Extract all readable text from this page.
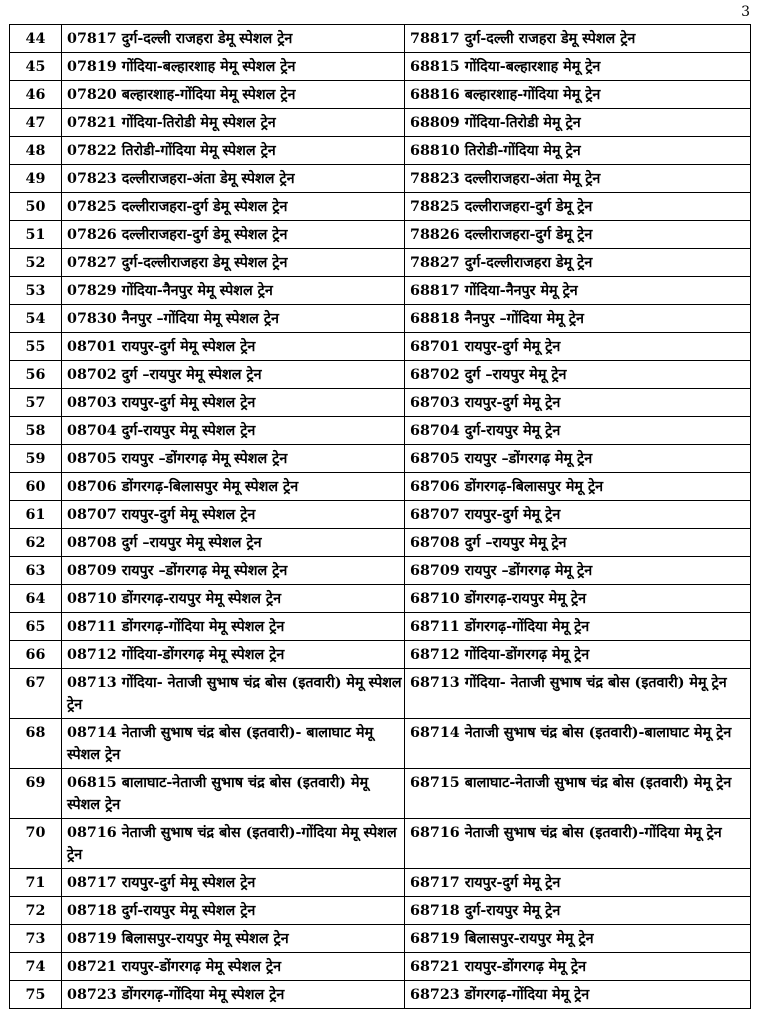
3
44	07817 दुर्ग-दल्ली राजहरा डेमू स्पेशल ट्रेन	78817 दुर्ग-दल्ली राजहरा डेमू स्पेशल ट्रेन
45	07819 गोंदिया-बल्हारशाह मेमू स्पेशल ट्रेन	68815 गोंदिया-बल्हारशाह मेमू ट्रेन
46	07820 बल्हारशाह-गोंदिया मेमू स्पेशल ट्रेन	68816 बल्हारशाह-गोंदिया मेमू ट्रेन
47	07821 गोंदिया-तिरोडी मेमू स्पेशल ट्रेन	68809 गोंदिया-तिरोडी मेमू ट्रेन
48	07822 तिरोडी-गोंदिया मेमू स्पेशल ट्रेन	68810 तिरोडी-गोंदिया मेमू ट्रेन
49	07823 दल्लीराजहरा-अंता डेमू स्पेशल ट्रेन	78823 दल्लीराजहरा-अंता मेमू ट्रेन
50	07825 दल्लीराजहरा-दुर्ग डेमू स्पेशल ट्रेन	78825 दल्लीराजहरा-दुर्ग डेमू ट्रेन
51	07826 दल्लीराजहरा-दुर्ग डेमू स्पेशल ट्रेन	78826 दल्लीराजहरा-दुर्ग डेमू ट्रेन
52	07827 दुर्ग-दल्लीराजहरा डेमू स्पेशल ट्रेन	78827 दुर्ग-दल्लीराजहरा डेमू ट्रेन
53	07829 गोंदिया-नैनपुर मेमू स्पेशल ट्रेन	68817 गोंदिया-नैनपुर मेमू ट्रेन
54	07830 नैनपुर –गोंदिया मेमू स्पेशल ट्रेन	68818 नैनपुर –गोंदिया मेमू ट्रेन
55	08701 रायपुर-दुर्ग मेमू स्पेशल ट्रेन	68701 रायपुर-दुर्ग मेमू ट्रेन
56	08702 दुर्ग –रायपुर मेमू स्पेशल ट्रेन	68702 दुर्ग –रायपुर मेमू ट्रेन
57	08703 रायपुर-दुर्ग मेमू स्पेशल ट्रेन	68703 रायपुर-दुर्ग मेमू ट्रेन
58	08704 दुर्ग-रायपुर मेमू स्पेशल ट्रेन	68704 दुर्ग-रायपुर मेमू ट्रेन
59	08705 रायपुर –डोंगरगढ़ मेमू स्पेशल ट्रेन	68705 रायपुर –डोंगरगढ़ मेमू ट्रेन
60	08706 डोंगरगढ़-बिलासपुर मेमू स्पेशल ट्रेन	68706 डोंगरगढ़-बिलासपुर मेमू ट्रेन
61	08707 रायपुर-दुर्ग मेमू स्पेशल ट्रेन	68707 रायपुर-दुर्ग मेमू ट्रेन
62	08708 दुर्ग –रायपुर मेमू स्पेशल ट्रेन	68708 दुर्ग –रायपुर मेमू ट्रेन
63	08709 रायपुर –डोंगरगढ़ मेमू स्पेशल ट्रेन	68709 रायपुर –डोंगरगढ़ मेमू ट्रेन
64	08710 डोंगरगढ़-रायपुर मेमू स्पेशल ट्रेन	68710 डोंगरगढ़-रायपुर मेमू ट्रेन
65	08711 डोंगरगढ़-गोंदिया मेमू स्पेशल ट्रेन	68711 डोंगरगढ़-गोंदिया मेमू ट्रेन
66	08712 गोंदिया-डोंगरगढ़ मेमू स्पेशल ट्रेन	68712 गोंदिया-डोंगरगढ़ मेमू ट्रेन
67	08713 गोंदिया- नेताजी सुभाष चंद्र बोस (इतवारी) मेमू स्पेशल ट्रेन	68713 गोंदिया- नेताजी सुभाष चंद्र बोस (इतवारी) मेमू ट्रेन
68	08714 नेताजी सुभाष चंद्र बोस (इतवारी)- बालाघाट मेमू स्पेशल ट्रेन	68714 नेताजी सुभाष चंद्र बोस (इतवारी)-बालाघाट मेमू ट्रेन
69	06815 बालाघाट-नेताजी सुभाष चंद्र बोस (इतवारी) मेमू स्पेशल ट्रेन	68715 बालाघाट-नेताजी सुभाष चंद्र बोस (इतवारी) मेमू ट्रेन
70	08716 नेताजी सुभाष चंद्र बोस (इतवारी)-गोंदिया मेमू स्पेशल ट्रेन	68716 नेताजी सुभाष चंद्र बोस (इतवारी)-गोंदिया मेमू ट्रेन
71	08717 रायपुर-दुर्ग मेमू स्पेशल ट्रेन	68717 रायपुर-दुर्ग मेमू ट्रेन
72	08718 दुर्ग-रायपुर मेमू स्पेशल ट्रेन	68718 दुर्ग-रायपुर मेमू ट्रेन
73	08719 बिलासपुर-रायपुर मेमू स्पेशल ट्रेन	68719 बिलासपुर-रायपुर मेमू ट्रेन
74	08721 रायपुर-डोंगरगढ़ मेमू स्पेशल ट्रेन	68721 रायपुर-डोंगरगढ़ मेमू ट्रेन
75	08723 डोंगरगढ़-गोंदिया मेमू स्पेशल ट्रेन	68723 डोंगरगढ़-गोंदिया मेमू ट्रेन
